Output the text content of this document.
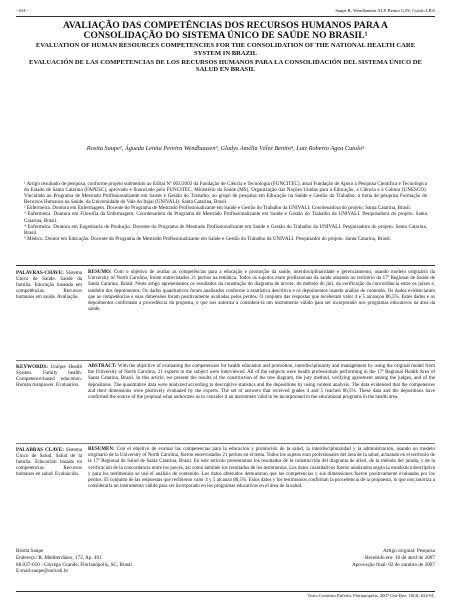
- 654 -	Saupe R, Wendhausen ALP, Benito GAV, Cutolo LRA
AVALIAÇÃO DAS COMPETÊNCIAS DOS RECURSOS HUMANOS PARA A CONSOLIDAÇÃO DO SISTEMA ÚNICO DE SAÚDE NO BRASIL¹
EVALUATION OF HUMAN RESOURCES COMPETENCIES FOR THE CONSOLIDATION OF THE NATIONAL HEALTH CARE SYSTEM IN BRAZIL
EVALUACIÓN DE LAS COMPETENCIAS DE LOS RECURSOS HUMANOS PARA LA CONSOLIDACIÓN DEL SISTEMA ÚNICO DE SALUD EN BRASIL
Rosita Saupe², Águeda Lenita Pereira Wendhausen³, Gladys Amélia Vélez Benito⁴, Luiz Roberto Agea Cutolo⁵

¹ Artigo resultado de pesquisa, conforme projeto submetido ao Edital Nº 003/2003 da Fundação de Ciência e Tecnologia (FUNCITEC), atual Fundação de Apoio à Pesquisa Científica e Tecnológica do Estado de Santa Catarina (FAPESC), aprovado e financiado pela FUNCITEC, Ministério da Saúde (MS), Organização das Nações Unidas para a Educação, a Ciência e a Cultura (UNESCO). Vinculado ao Programa de Mestrado Profissionalizante em Saúde e Gestão do Trabalho; ao grupo de pesquisa em Educação na Saúde e Gestão do Trabalho; à linha de pesquisa Formação de Recursos Humanos na Saúde, da Universidade do Vale do Itajaí (UNIVALI). Santa Catarina, Brasil.

² Enfermeira. Doutora em Enfermagem. Docente do Programa de Mestrado Profissionalizante em Saúde e Gestão do Trabalho da UNIVALI. Coordenadora do projeto. Santa Catarina, Brasil.

³ Enfermeira. Doutora em Filosofia da Enfermagem. Coordenadora do Programa de Mestrado Profissionalizante em Saúde e Gestão do Trabalho da UNIVALI. Pesquisadora do projeto. Santa Catarina, Brasil.

⁴ Enfermeira. Doutora em Engenharia de Produção. Docente do Programa de Mestrado Profissionalizante em Saúde e Gestão do Trabalho da UNIVALI. Pesquisadora do projeto. Santa Catarina, Brasil.

⁵ Médico. Doutor em Educação. Docente do Programa de Mestrado Profissionalizante em Saúde e Gestão do Trabalho da UNIVALI. Pesquisador do projeto. Santa Catarina, Brasil.

PALAVRAS-CHAVE: Sistema Único de Saúde. Saúde da família. Educação baseada em competências. Recursos humanos em saúde. Avaliação.
RESUMO: Com o objetivo de avaliar as competências para a educação e promoção da saúde, interdisciplinaridade e gerenciamento, usando modelo originário da University of North Carolina, foram entrevistados 21 peritos na temática. Todos os sujeitos eram profissionais da saúde atuando no território da 17ª Regional de Saúde de Santa Catarina, Brasil. Neste artigo apresentamos os resultados da construção do diagrama de árvore, do método do júri, da verificação da concordância entre os juízes e, também dos depoimentos. Os dados quantitativos foram analisados conforme a estatística descritiva e os depoimentos usando análise de conteúdo. Os dados evidenciaram que as competências e suas dimensões foram positivamente avaliadas pelos peritos. O conjunto das respostas que receberam valor 4 e 5 alcançou 86,5%. Estes dados e os depoimentos confirmam a procedência da proposta, o que nos autoriza a considerá-la um instrumento válido para ser incorporado nos programas educativos na área da saúde.
KEYWORDS: Unique Health System. Family health. Competence-based education. Human manpower. Evaluation.
ABSTRACT: With the objective of evaluating the competencies for health education and promotion, interdisciplinarity and management by using the original model from the University of North Carolina, 21 experts in the subject were interviewed. All of the subjects were health professionals performing in the 17ª Regional Health Area of Santa Catarina, Brazil. In this article, we present the results of the construction of the tree diagram, the jury method, verifying agreement among the judges, and of the depositions. The quantitative data were analyzed according to descriptive statistics and the depositions by using content analysis. The data evidenced that the competences and their dimensions were positively evaluated by the experts. The set of answers that received grades 4 and 5 reached 86,5%. These data and the depositions have confirmed the source of the proposal what authorizes us to consider it an instrument valid to be incorporated in the educational programs in the health area.
PALABRAS CLAVE: Sistema Único de Salud. Salud de la familia. Educación basada en competencias. Recursos humanos en salud. Evaluación.
RESUMEN: Con el objetivo de evaluar las competencias para la educación y promoción de la salud, la interdisciplinaridad y la administración, usando un modelo originario de la University of North Carolina, fueron entrevistados 21 peritos en el tema. Todos los sujetos eran profesionales del área de la salud, actuando en el territorio de la 17ª Regional de Salud de Santa Catarina, Brasil. En este artículo presentamos los resultados de la construcción del diagrama de árbol, de lo método del jurado, y de la verificación de la concordancia entre los jueces, así como también los resultados de los testimonios. Los datos cuantitativos fueron analizados según la estadística descriptiva y para los testimonios se usó el análisis de contenido. Los datos obtenidos demuestran que las competencias y sus dimensiones fueron positivamente evaluadas por los peritos. El conjunto de las respuestas que recibieron valor 4 y 5 alcanzó 86,5%. Estos datos y los testimonios confirman la procedencia de la propuesta, lo que nos autoriza a considerarla un instrumento válido para ser incorporado en los programas educativos en el área de la salud.
Rosita Saupe
Endereço: R. Mediterrâneo, 172, Ap. 401
88.037-610 - Córrego Grande, Florianópolis, SC, Brasil.
E-mail:saupe@univali.br
Artigo original: Pesquisa
Recebido em: 10 de abril de 2007
Aprovação final: 02 de outubro de 2007
Texto Contexto Enferm, Florianópolis, 2007 Out-Dez; 16(4): 654-61.
